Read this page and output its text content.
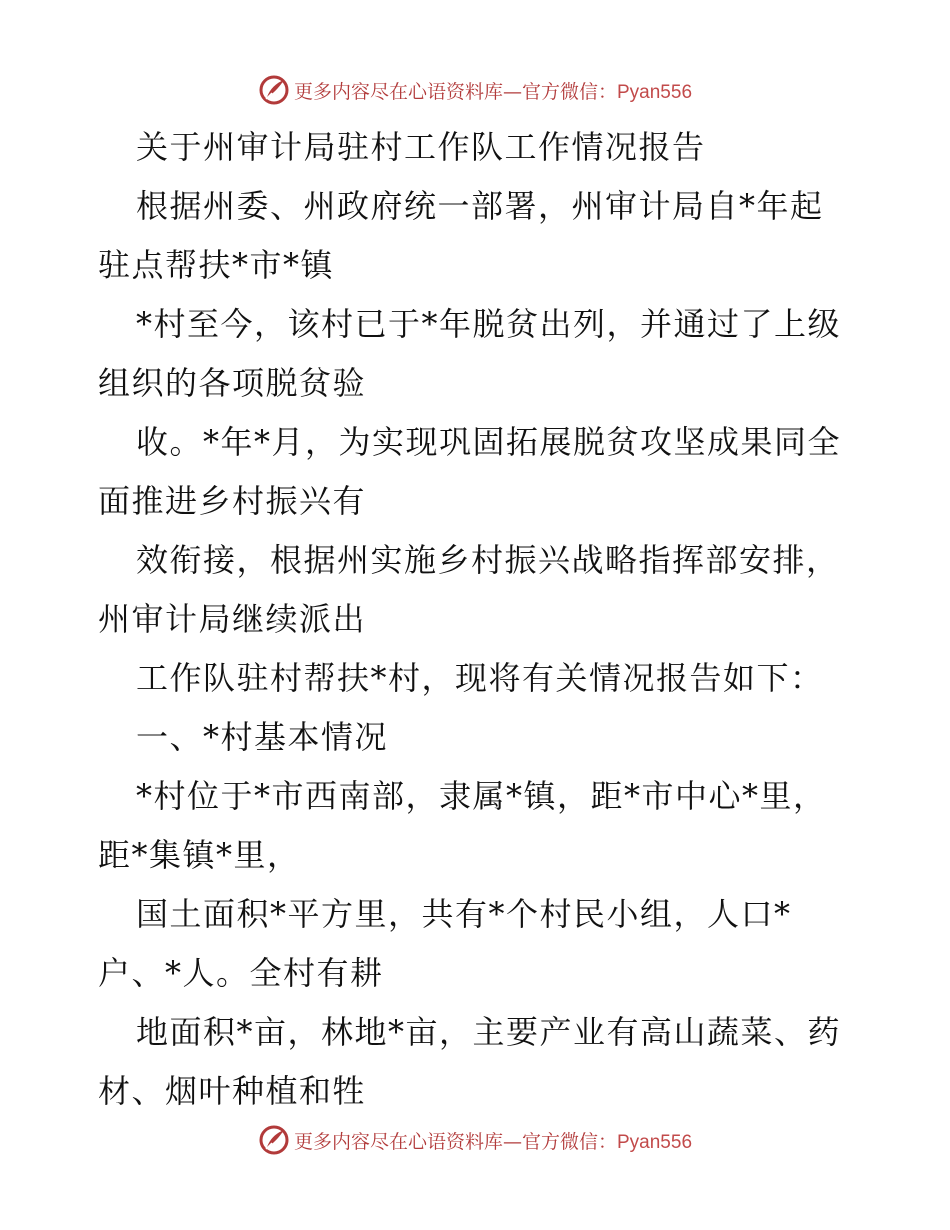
更多内容尽在心语资料库—官方微信：Pyan556
关于州审计局驻村工作队工作情况报告
根据州委、州政府统一部署，州审计局自*年起
驻点帮扶*市*镇
*村至今，该村已于*年脱贫出列，并通过了上级
组织的各项脱贫验
收。*年*月，为实现巩固拓展脱贫攻坚成果同全
面推进乡村振兴有
效衔接，根据州实施乡村振兴战略指挥部安排，
州审计局继续派出
工作队驻村帮扶*村，现将有关情况报告如下：
一、*村基本情况
*村位于*市西南部，隶属*镇，距*市中心*里，
距*集镇*里，
国土面积*平方里，共有*个村民小组，人口*
户、*人。全村有耕
地面积*亩，林地*亩，主要产业有高山蔬菜、药
材、烟叶种植和牲
更多内容尽在心语资料库—官方微信：Pyan556
